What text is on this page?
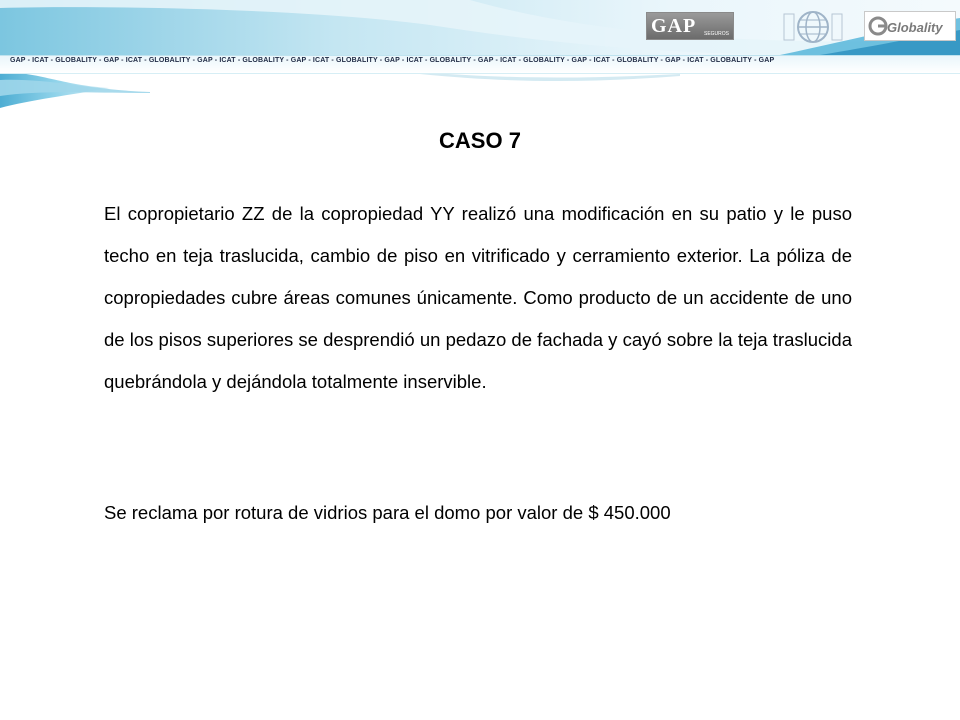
GAP - ICAT - GLOBALITY - GAP - ICAT - GLOBALITY - GAP - ICAT - GLOBALITY - GAP - ICAT - GLOBALITY - GAP - ICAT - GLOBALITY - GAP - ICAT - GLOBALITY - GAP - ICAT - GLOBALITY - GAP - ICAT - GLOBALITY - GAP
GAP SEGUROS	Globality
CASO 7

El copropietario ZZ de la copropiedad YY realizó una modificación en su patio y le puso techo en teja traslucida, cambio de piso en vitrificado y cerramiento exterior. La póliza de copropiedades cubre áreas comunes únicamente. Como producto de un accidente de uno de los pisos superiores se desprendió un pedazo de fachada y cayó sobre la teja traslucida quebrándola y dejándola totalmente inservible.

Se reclama por rotura de vidrios para el domo por valor de $ 450.000
